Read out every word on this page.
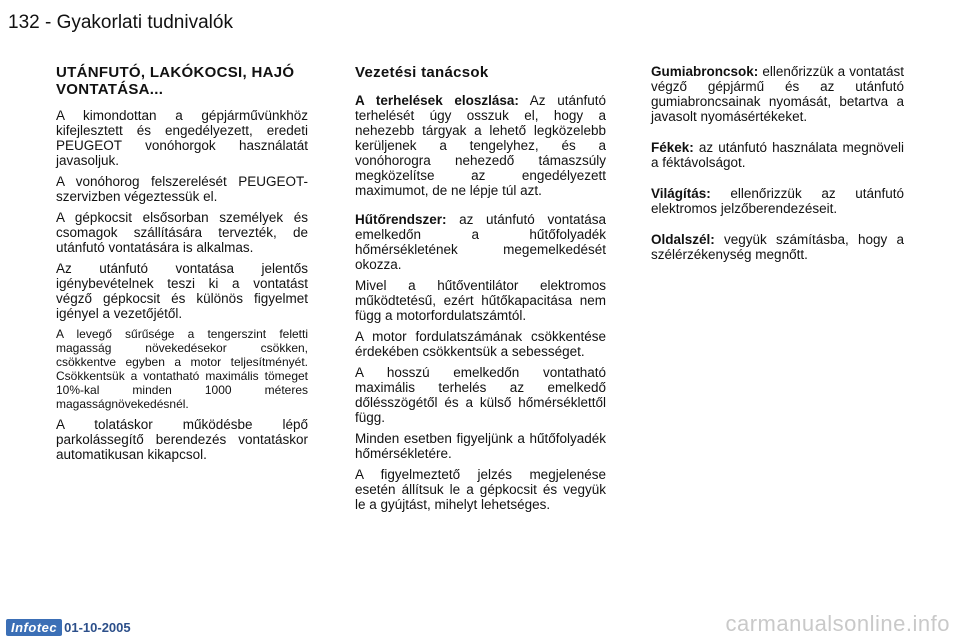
132 - Gyakorlati tudnivalók
UTÁNFUTÓ, LAKÓKOCSI, HAJÓ VONTATÁSA...

A kimondottan a gépjárművünkhöz kifejlesztett és engedélyezett, eredeti PEUGEOT vonóhorgok használatát javasoljuk.

A vonóhorog felszerelését PEUGEOT-szervizben végeztessük el.

A gépkocsit elsősorban személyek és csomagok szállítására tervezték, de utánfutó vontatására is alkalmas.

Az utánfutó vontatása jelentős igénybevételnek teszi ki a vontatást végző gépkocsit és különös figyelmet igényel a vezetőjétől.

A levegő sűrűsége a tengerszint feletti magasság növekedésekor csökken, csökkentve egyben a motor teljesítményét. Csökkentsük a vontatható maximális tömeget 10%-kal minden 1000 méteres magasságnövekedésnél.

A tolatáskor működésbe lépő parkolássegítő berendezés vontatáskor automatikusan kikapcsol.

Vezetési tanácsok

A terhelések eloszlása: Az utánfutó terhelését úgy osszuk el, hogy a nehezebb tárgyak a lehető legközelebb kerüljenek a tengelyhez, és a vonóhorogra nehezedő támaszsúly megközelítse az engedélyezett maximumot, de ne lépje túl azt.

Hűtőrendszer: az utánfutó vontatása emelkedőn a hűtőfolyadék hőmérsékletének megemelkedését okozza.

Mivel a hűtőventilátor elektromos működtetésű, ezért hűtőkapacitása nem függ a motorfordulatszámtól.

A motor fordulatszámának csökkentése érdekében csökkentsük a sebességet.

A hosszú emelkedőn vontatható maximális terhelés az emelkedő dőlésszögétől és a külső hőmérséklettől függ.

Minden esetben figyeljünk a hűtőfolyadék hőmérsékletére.

A figyelmeztető jelzés megjelenése esetén állítsuk le a gépkocsit és vegyük le a gyújtást, mihelyt lehetséges.

Gumiabroncsok: ellenőrizzük a vontatást végző gépjármű és az utánfutó gumiabroncsainak nyomását, betartva a javasolt nyomásértékeket.

Fékek: az utánfutó használata megnöveli a féktávolságot.

Világítás: ellenőrizzük az utánfutó elektromos jelzőberendezéseit.

Oldalszél: vegyük számításba, hogy a szélérzékenység megnőtt.

Infotec 01-10-2005	carmanualsonline.info
